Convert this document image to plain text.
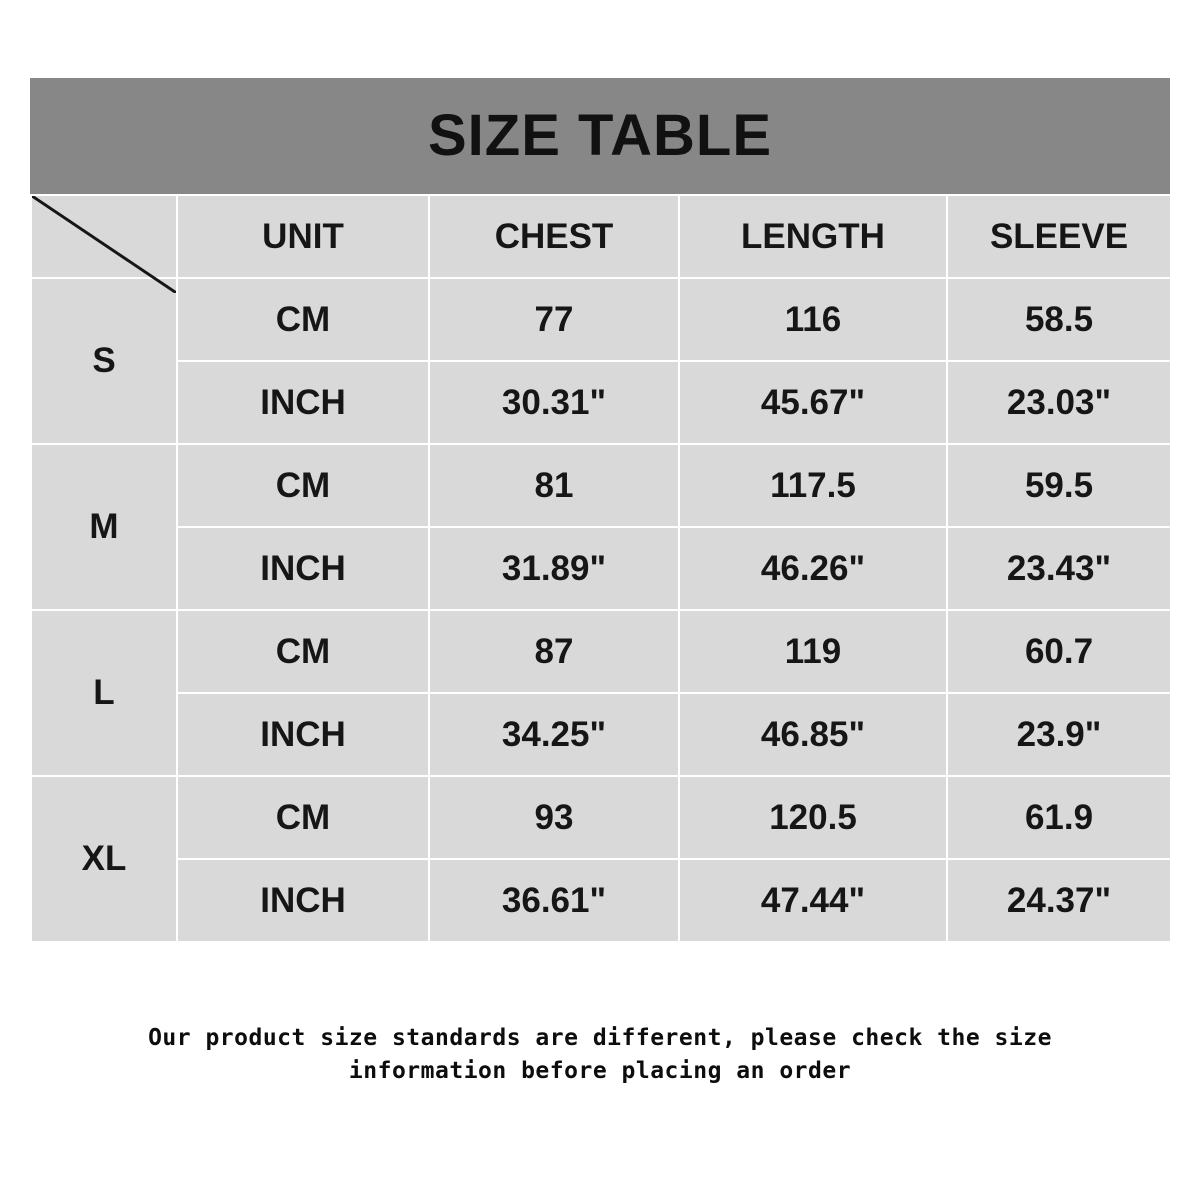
SIZE TABLE
	UNIT	CHEST	LENGTH	SLEEVE
S	CM	77	116	58.5
	INCH	30.31"	45.67"	23.03"
M	CM	81	117.5	59.5
	INCH	31.89"	46.26"	23.43"
L	CM	87	119	60.7
	INCH	34.25"	46.85"	23.9"
XL	CM	93	120.5	61.9
	INCH	36.61"	47.44"	24.37"
Our product size standards are different, please check the size
information before placing an order
